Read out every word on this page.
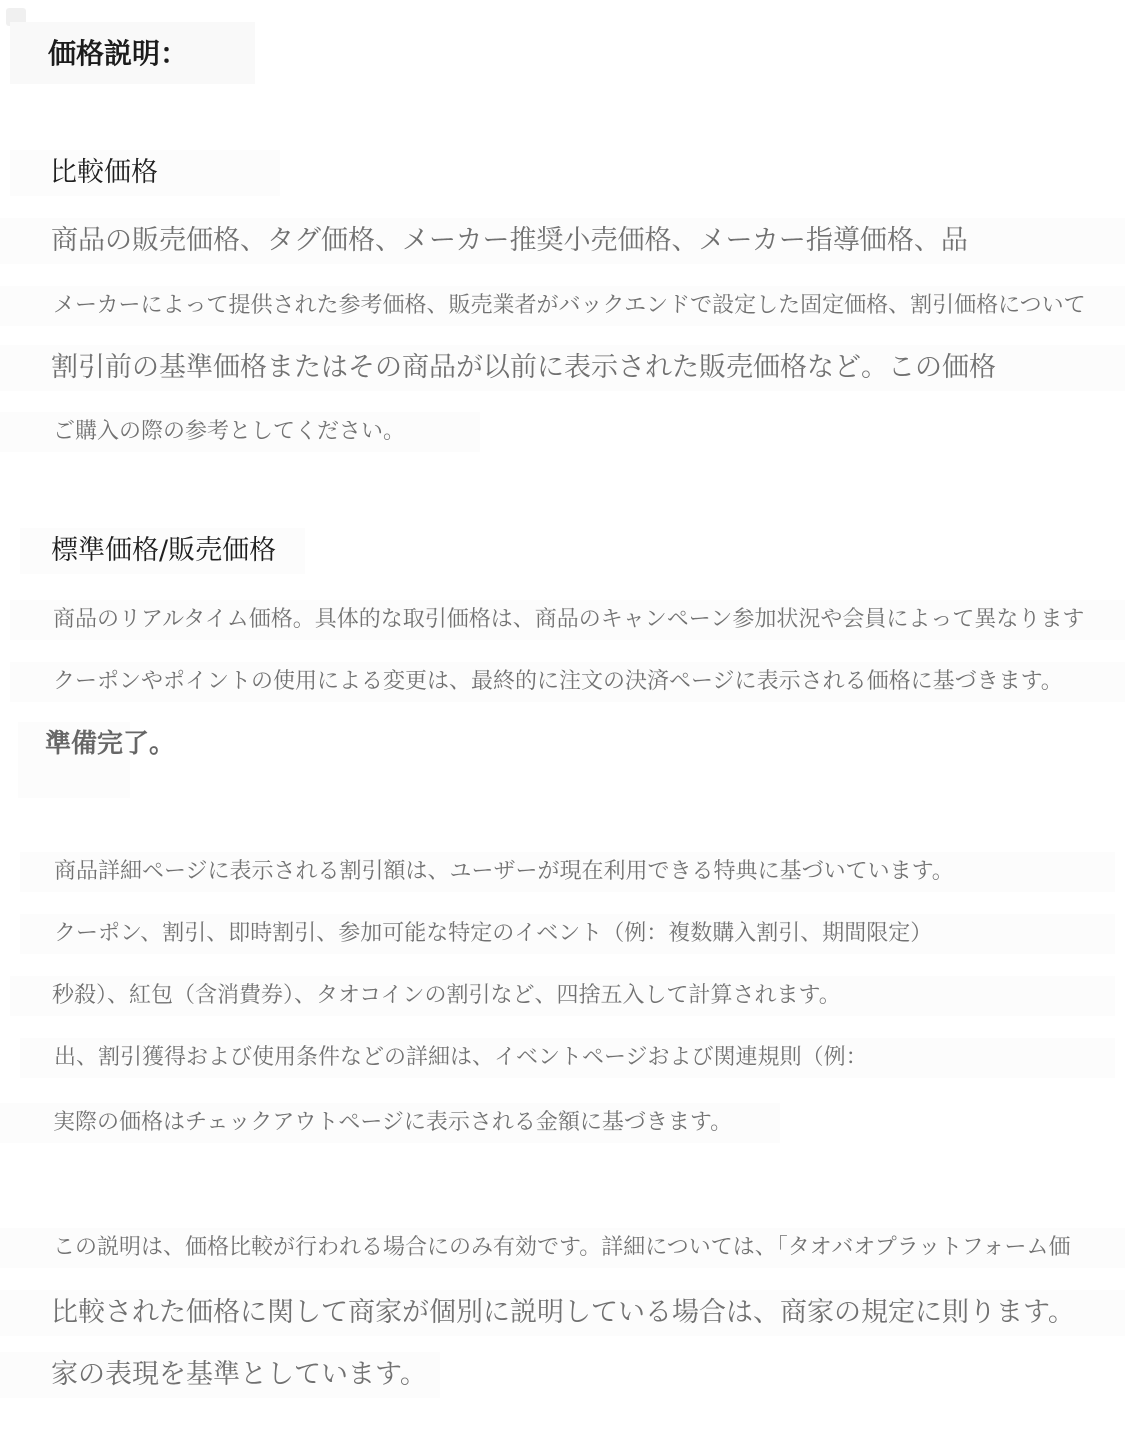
価格説明：
比較価格
商品の販売価格、タグ価格、メーカー推奨小売価格、メーカー指導価格、品
メーカーによって提供された参考価格、販売業者がバックエンドで設定した固定価格、割引価格について
割引前の基準価格またはその商品が以前に表示された販売価格など。この価格
ご購入の際の参考としてください。
標準価格/販売価格
商品のリアルタイム価格。具体的な取引価格は、商品のキャンペーン参加状況や会員によって異なります
クーポンやポイントの使用による変更は、最終的に注文の決済ページに表示される価格に基づきます。
準備完了。
商品詳細ページに表示される割引額は、ユーザーが現在利用できる特典に基づいています。
クーポン、割引、即時割引、参加可能な特定のイベント（例：複数購入割引、期間限定）
秒殺）、紅包（含消費券）、タオコインの割引など、四捨五入して計算されます。
出、割引獲得および使用条件などの詳細は、イベントページおよび関連規則（例：
実際の価格はチェックアウトページに表示される金額に基づきます。
この説明は、価格比較が行われる場合にのみ有効です。詳細については、「タオバオプラットフォーム価
比較された価格に関して商家が個別に説明している場合は、商家の規定に則ります。
家の表現を基準としています。
